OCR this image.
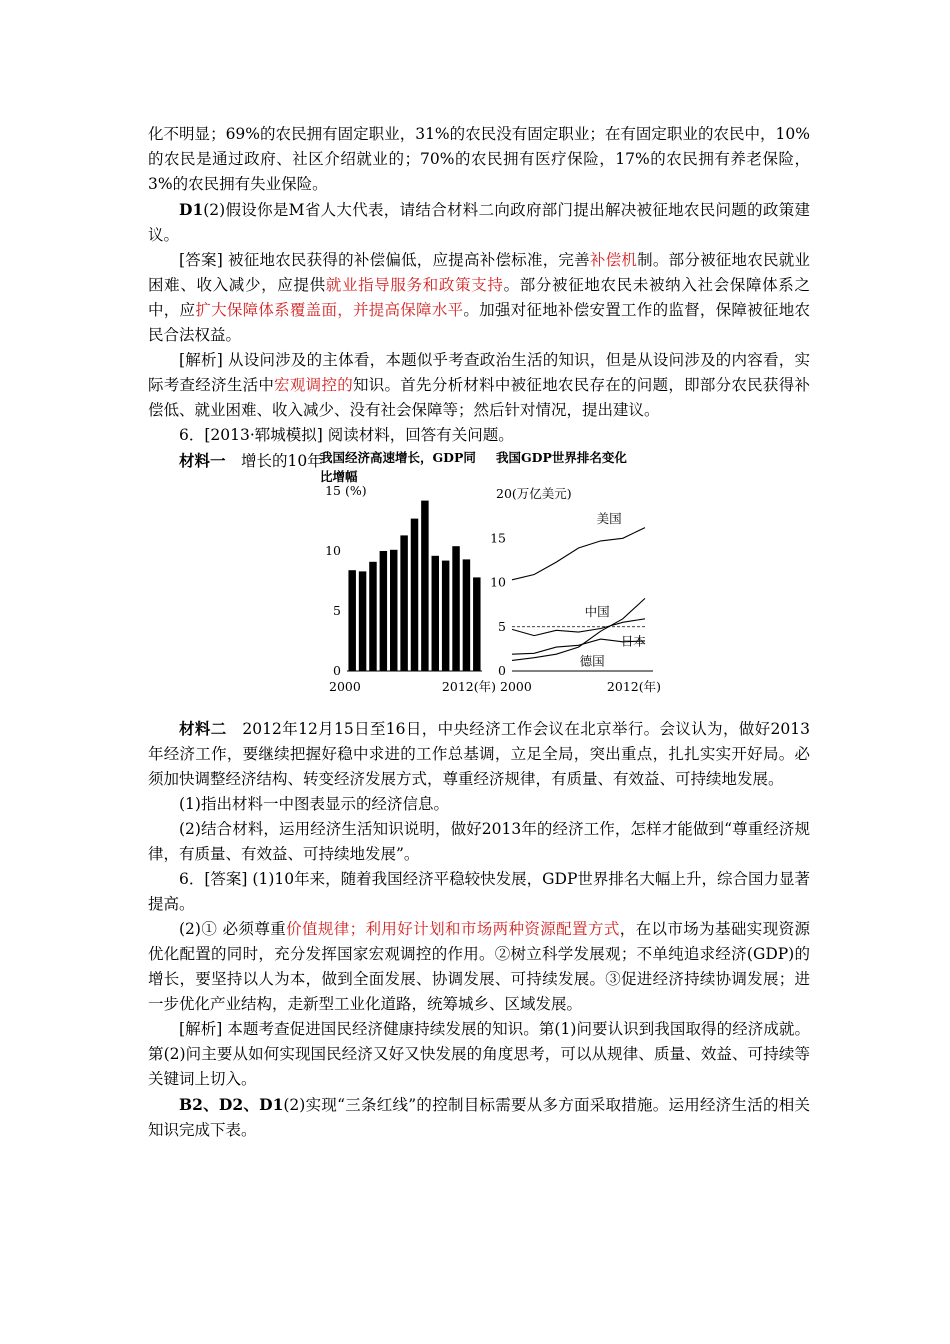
化不明显；69%的农民拥有固定职业，31%的农民没有固定职业；在有固定职业的农民中，10%的农民是通过政府、社区介绍就业的；70%的农民拥有医疗保险，17%的农民拥有养老保险，3%的农民拥有失业保险。

D1(2)假设你是M省人大代表，请结合材料二向政府部门提出解决被征地农民问题的政策建议。

[答案] 被征地农民获得的补偿偏低，应提高补偿标准，完善补偿机制。部分被征地农民就业困难、收入减少，应提供就业指导服务和政策支持。部分被征地农民未被纳入社会保障体系之中，应扩大保障体系覆盖面，并提高保障水平。加强对征地补偿安置工作的监督，保障被征地农民合法权益。

[解析] 从设问涉及的主体看，本题似乎考查政治生活的知识，但是从设问涉及的内容看，实际考查经济生活中宏观调控的知识。首先分析材料中被征地农民存在的问题，即部分农民获得补偿低、就业困难、收入减少、没有社会保障等；然后针对情况，提出建议。

6．[2013·郓城模拟] 阅读材料，回答有关问题。

材料一　 增长的10年
我国经济高速增长，GDP同比增幅
我国GDP世界排名变化
15
10
5
0
(%)
2000	2012(年)
20(万亿美元)
15
10
5
0
美国
中国
日本
德国
2000	2012(年)

材料二　 2012年12月15日至16日，中央经济工作会议在北京举行。会议认为，做好2013年经济工作，要继续把握好稳中求进的工作总基调，立足全局，突出重点，扎扎实实开好局。必须加快调整经济结构、转变经济发展方式，尊重经济规律，有质量、有效益、可持续地发展。

(1)指出材料一中图表显示的经济信息。

(2)结合材料，运用经济生活知识说明，做好2013年的经济工作，怎样才能做到“尊重经济规律，有质量、有效益、可持续地发展”。

6．[答案] (1)10年来，随着我国经济平稳较快发展，GDP世界排名大幅上升，综合国力显著提高。

(2)① 必须尊重价值规律；利用好计划和市场两种资源配置方式，在以市场为基础实现资源优化配置的同时，充分发挥国家宏观调控的作用。②树立科学发展观；不单纯追求经济(GDP)的增长，要坚持以人为本，做到全面发展、协调发展、可持续发展。③促进经济持续协调发展；进一步优化产业结构，走新型工业化道路，统筹城乡、区域发展。

[解析] 本题考查促进国民经济健康持续发展的知识。第(1)问要认识到我国取得的经济成就。第(2)问主要从如何实现国民经济又好又快发展的角度思考，可以从规律、质量、效益、可持续等关键词上切入。

B2、D2、D1(2)实现“三条红线”的控制目标需要从多方面采取措施。运用经济生活的相关知识完成下表。
